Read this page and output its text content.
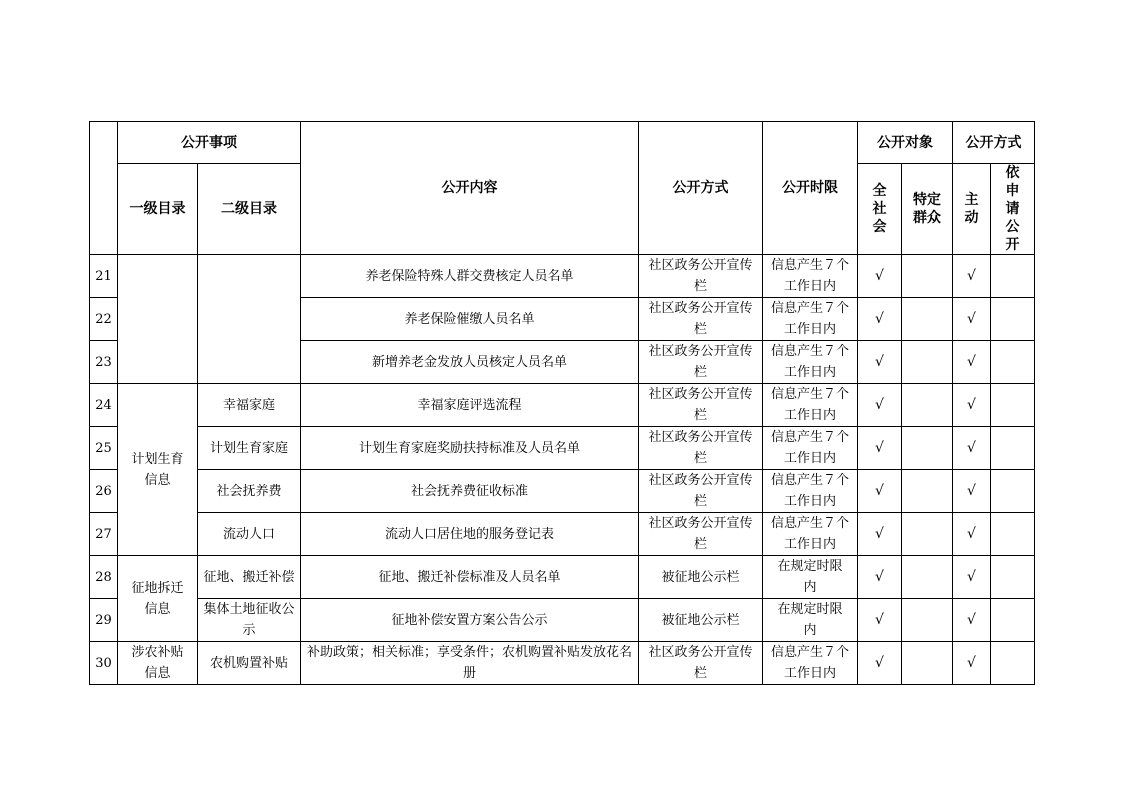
	公开事项		公开内容	公开方式	公开时限	公开对象		公开方式	
	一级目录	二级目录				全社会	特定群众	主动	依申请公开

21			养老保险特殊人群交费核定人员名单	社区政务公开宣传栏	信息产生７个工作日内	√		√	
22			养老保险催缴人员名单	社区政务公开宣传栏	信息产生７个工作日内	√		√	
23			新增养老金发放人员核定人员名单	社区政务公开宣传栏	信息产生７个工作日内	√		√	
24	计划生育信息	幸福家庭	幸福家庭评选流程	社区政务公开宣传栏	信息产生７个工作日内	√		√	
25		计划生育家庭	计划生育家庭奖励扶持标准及人员名单	社区政务公开宣传栏	信息产生７个工作日内	√		√	
26		社会抚养费	社会抚养费征收标准	社区政务公开宣传栏	信息产生７个工作日内	√		√	
27		流动人口	流动人口居住地的服务登记表	社区政务公开宣传栏	信息产生７个工作日内	√		√	
28	征地拆迁信息	征地、搬迁补偿	征地、搬迁补偿标准及人员名单	被征地公示栏	在规定时限内	√		√	
29		集体土地征收公示	征地补偿安置方案公告公示	被征地公示栏	在规定时限内	√		√	
30	涉农补贴信息	农机购置补贴	补助政策；相关标准；享受条件；农机购置补贴发放花名册	社区政务公开宣传栏	信息产生７个工作日内	√		√	
